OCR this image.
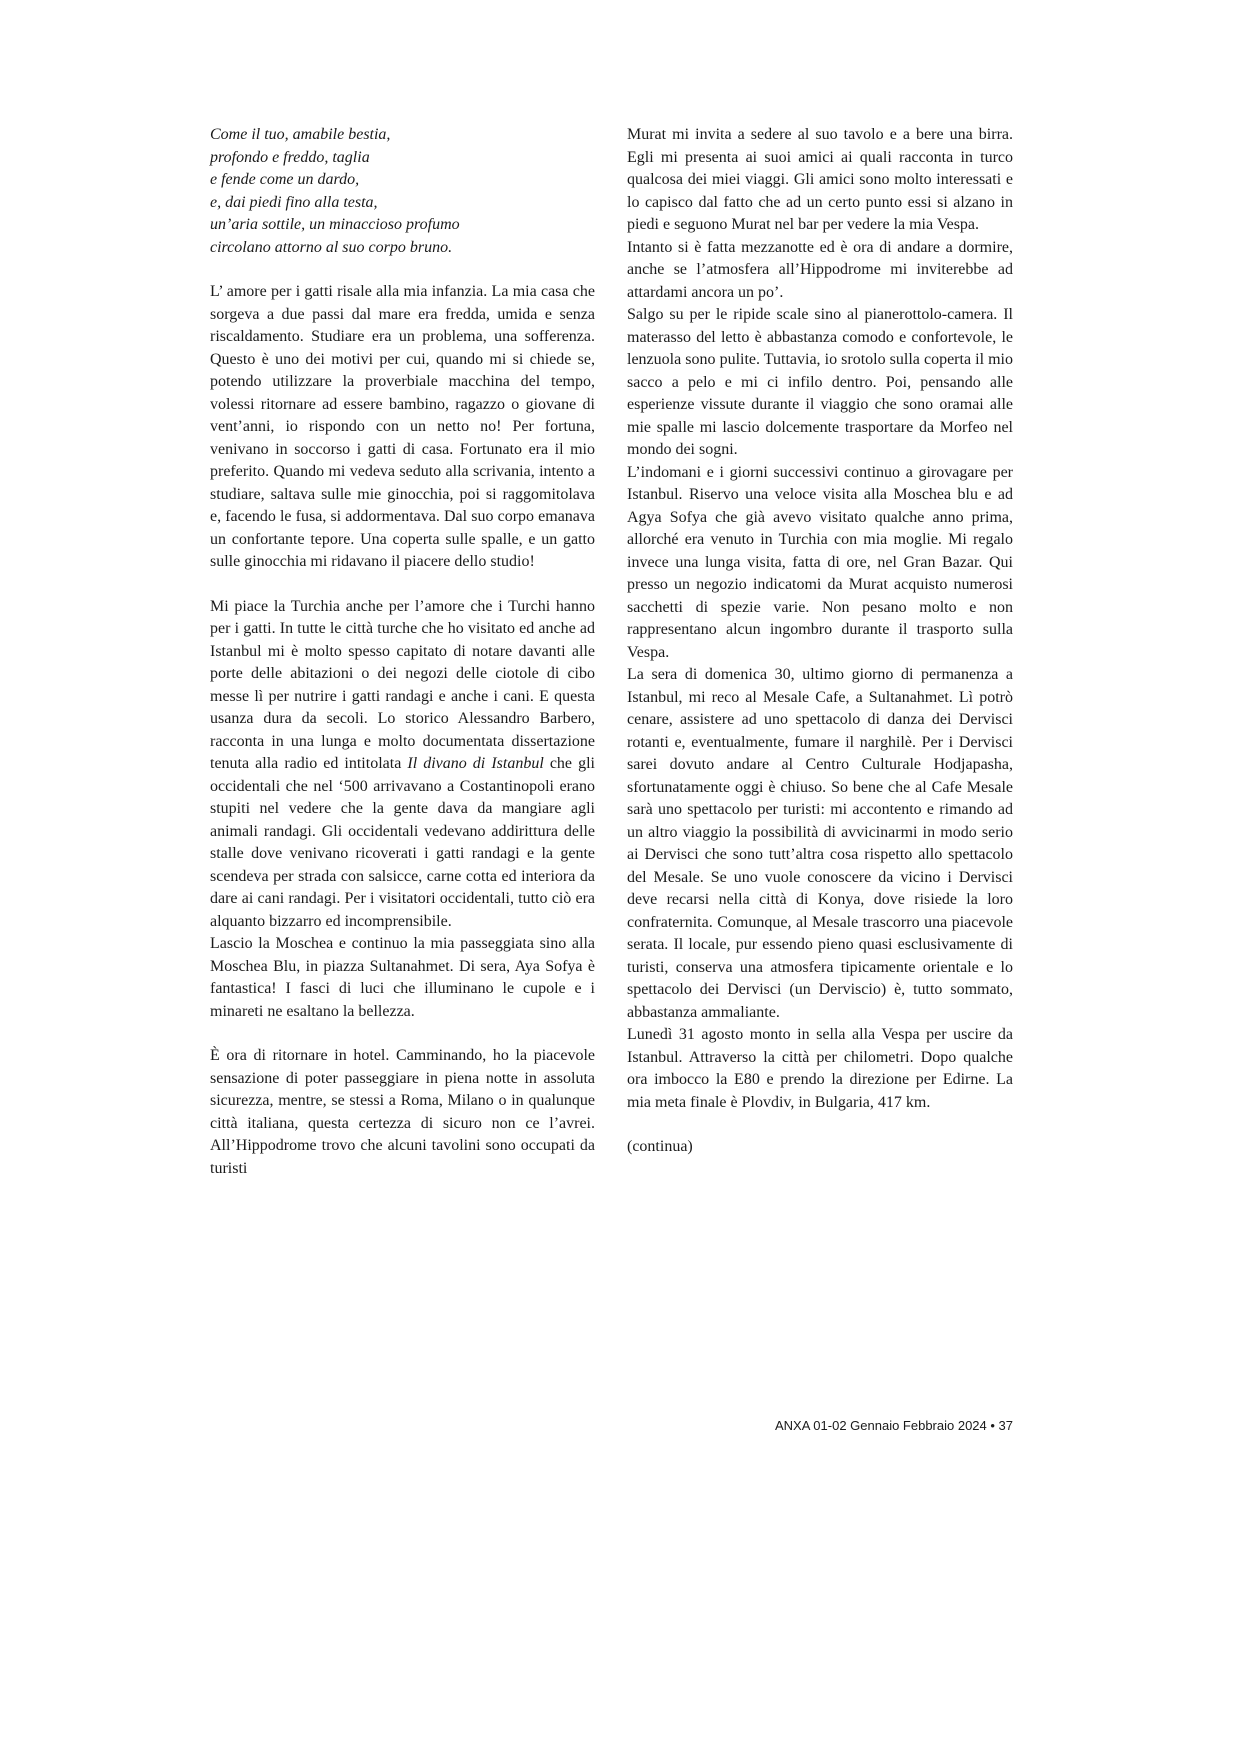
Come il tuo, amabile bestia,
profondo e freddo, taglia
e fende come un dardo,
e, dai piedi fino alla testa,
un’aria sottile, un minaccioso profumo
circolano attorno al suo corpo bruno.

L’ amore per i gatti risale alla mia infanzia. La mia casa che sorgeva a due passi dal mare era fredda, umida e senza riscaldamento. Studiare era un problema, una sofferenza. Questo è uno dei motivi per cui, quando mi si chiede se, potendo utilizzare la proverbiale macchina del tempo, volessi ritornare ad essere bambino, ragazzo o giovane di vent’anni, io rispondo con un netto no! Per fortuna, venivano in soccorso i gatti di casa. Fortunato era il mio preferito. Quando mi vedeva seduto alla scrivania, intento a studiare, saltava sulle mie ginocchia, poi si raggomitolava e, facendo le fusa, si addormentava. Dal suo corpo emanava un confortante tepore. Una coperta sulle spalle, e un gatto sulle ginocchia mi ridavano il piacere dello studio!

Mi piace la Turchia anche per l’amore che i Turchi hanno per i gatti. In tutte le città turche che ho visitato ed anche ad Istanbul mi è molto spesso capitato di notare davanti alle porte delle abitazioni o dei negozi delle ciotole di cibo messe lì per nutrire i gatti randagi e anche i cani. E questa usanza dura da secoli. Lo storico Alessandro Barbero, racconta in una lunga e molto documentata dissertazione tenuta alla radio ed intitolata Il divano di Istanbul che gli occidentali che nel ‘500 arrivavano a Costantinopoli erano stupiti nel vedere che la gente dava da mangiare agli animali randagi. Gli occidentali vedevano addirittura delle stalle dove venivano ricoverati i gatti randagi e la gente scendeva per strada con salsicce, carne cotta ed interiora da dare ai cani randagi. Per i visitatori occidentali, tutto ciò era alquanto bizzarro ed incomprensibile.

Lascio la Moschea e continuo la mia passeggiata sino alla Moschea Blu, in piazza Sultanahmet. Di sera, Aya Sofya è fantastica! I fasci di luci che illuminano le cupole e i minareti ne esaltano la bellezza.

È ora di ritornare in hotel. Camminando, ho la piacevole sensazione di poter passeggiare in piena notte in assoluta sicurezza, mentre, se stessi a Roma, Milano o in qualunque città italiana, questa certezza di sicuro non ce l’avrei. All’Hippodrome trovo che alcuni tavolini sono occupati da turisti

Murat mi invita a sedere al suo tavolo e a bere una birra. Egli mi presenta ai suoi amici ai quali racconta in turco qualcosa dei miei viaggi. Gli amici sono molto interessati e lo capisco dal fatto che ad un certo punto essi si alzano in piedi e seguono Murat nel bar per vedere la mia Vespa.

Intanto si è fatta mezzanotte ed è ora di andare a dormire, anche se l’atmosfera all’Hippodrome mi inviterebbe ad attardami ancora un po’.

Salgo su per le ripide scale sino al pianerottolo-camera. Il materasso del letto è abbastanza comodo e confortevole, le lenzuola sono pulite. Tuttavia, io srotolo sulla coperta il mio sacco a pelo e mi ci infilo dentro. Poi, pensando alle esperienze vissute durante il viaggio che sono oramai alle mie spalle mi lascio dolcemente trasportare da Morfeo nel mondo dei sogni.

L’indomani e i giorni successivi continuo a girovagare per Istanbul. Riservo una veloce visita alla Moschea blu e ad Agya Sofya che già avevo visitato qualche anno prima, allorché era venuto in Turchia con mia moglie. Mi regalo invece una lunga visita, fatta di ore, nel Gran Bazar. Qui presso un negozio indicatomi da Murat acquisto numerosi sacchetti di spezie varie. Non pesano molto e non rappresentano alcun ingombro durante il trasporto sulla Vespa.

La sera di domenica 30, ultimo giorno di permanenza a Istanbul, mi reco al Mesale Cafe, a Sultanahmet. Lì potrò cenare, assistere ad uno spettacolo di danza dei Dervisci rotanti e, eventualmente, fumare il narghilè. Per i Dervisci sarei dovuto andare al Centro Culturale Hodjapasha, sfortunatamente oggi è chiuso. So bene che al Cafe Mesale sarà uno spettacolo per turisti: mi accontento e rimando ad un altro viaggio la possibilità di avvicinarmi in modo serio ai Dervisci che sono tutt’altra cosa rispetto allo spettacolo del Mesale. Se uno vuole conoscere da vicino i Dervisci deve recarsi nella città di Konya, dove risiede la loro confraternita. Comunque, al Mesale trascorro una piacevole serata. Il locale, pur essendo pieno quasi esclusivamente di turisti, conserva una atmosfera tipicamente orientale e lo spettacolo dei Dervisci (un Derviscio) è, tutto sommato, abbastanza ammaliante.

Lunedì 31 agosto monto in sella alla Vespa per uscire da Istanbul. Attraverso la città per chilometri. Dopo qualche ora imbocco la E80 e prendo la direzione per Edirne. La mia meta finale è Plovdiv, in Bulgaria, 417 km.

(continua)

ANXA 01-02 Gennaio Febbraio 2024 • 37
